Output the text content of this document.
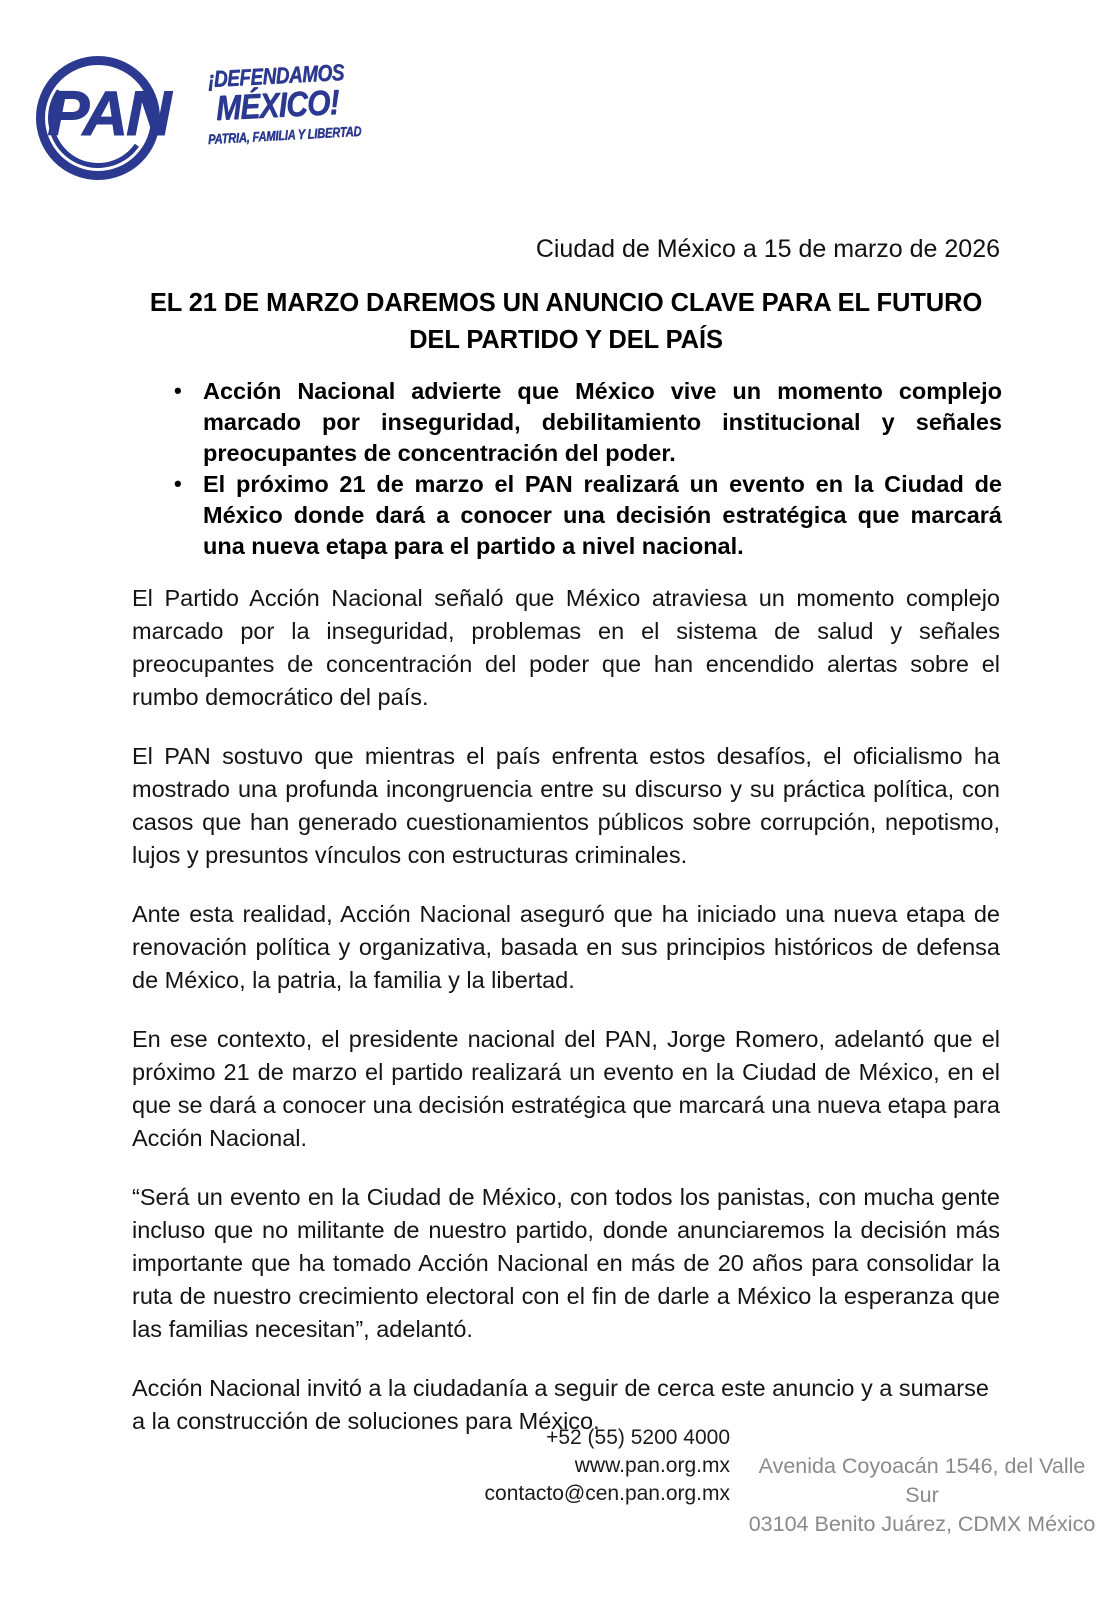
PAN
¡DEFENDAMOS
MÉXICO!
PATRIA, FAMILIA Y LIBERTAD
Ciudad de México a 15 de marzo de 2026
EL 21 DE MARZO DAREMOS UN ANUNCIO CLAVE PARA EL FUTURO DEL PARTIDO Y DEL PAÍS
• Acción Nacional advierte que México vive un momento complejo marcado por inseguridad, debilitamiento institucional y señales preocupantes de concentración del poder.
• El próximo 21 de marzo el PAN realizará un evento en la Ciudad de México donde dará a conocer una decisión estratégica que marcará una nueva etapa para el partido a nivel nacional.

El Partido Acción Nacional señaló que México atraviesa un momento complejo marcado por la inseguridad, problemas en el sistema de salud y señales preocupantes de concentración del poder que han encendido alertas sobre el rumbo democrático del país.

El PAN sostuvo que mientras el país enfrenta estos desafíos, el oficialismo ha mostrado una profunda incongruencia entre su discurso y su práctica política, con casos que han generado cuestionamientos públicos sobre corrupción, nepotismo, lujos y presuntos vínculos con estructuras criminales.

Ante esta realidad, Acción Nacional aseguró que ha iniciado una nueva etapa de renovación política y organizativa, basada en sus principios históricos de defensa de México, la patria, la familia y la libertad.

En ese contexto, el presidente nacional del PAN, Jorge Romero, adelantó que el próximo 21 de marzo el partido realizará un evento en la Ciudad de México, en el que se dará a conocer una decisión estratégica que marcará una nueva etapa para Acción Nacional.

“Será un evento en la Ciudad de México, con todos los panistas, con mucha gente incluso que no militante de nuestro partido, donde anunciaremos la decisión más importante que ha tomado Acción Nacional en más de 20 años para consolidar la ruta de nuestro crecimiento electoral con el fin de darle a México la esperanza que las familias necesitan”, adelantó.

Acción Nacional invitó a la ciudadanía a seguir de cerca este anuncio y a sumarse a la construcción de soluciones para México.

+52 (55) 5200 4000
www.pan.org.mx
contacto@cen.pan.org.mx
Avenida Coyoacán 1546, del Valle Sur
03104 Benito Juárez, CDMX México
